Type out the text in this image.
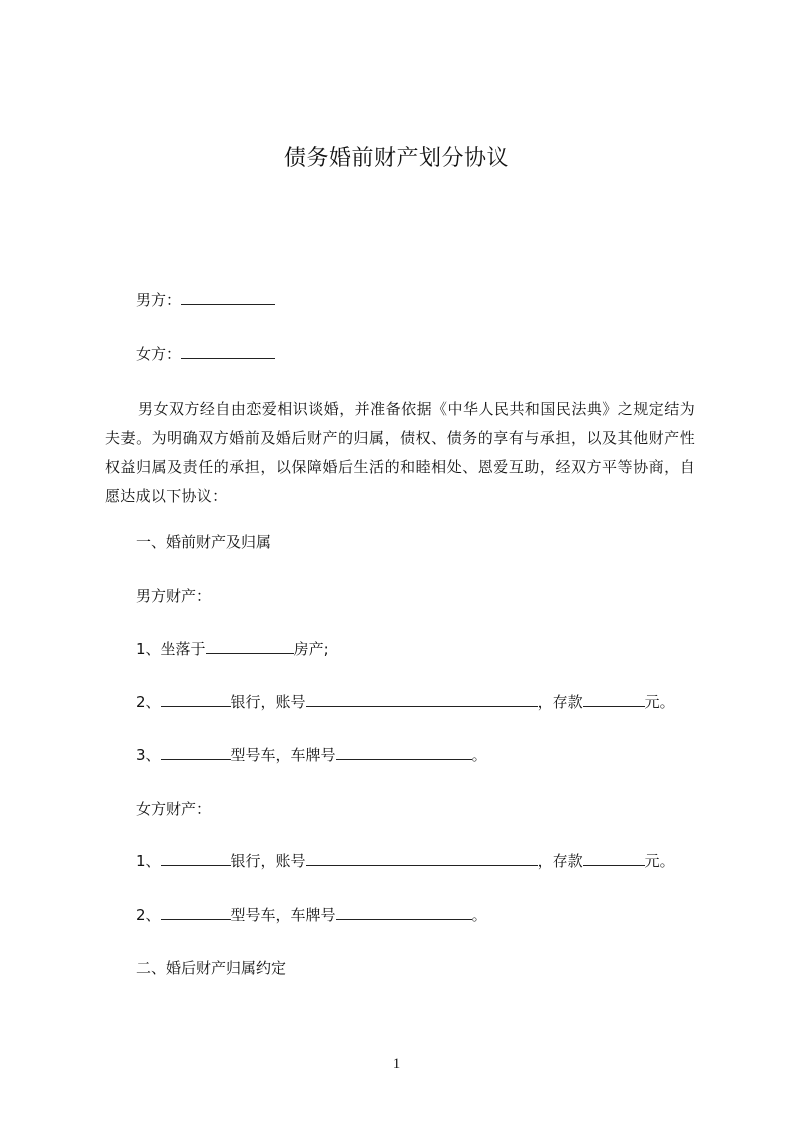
债务婚前财产划分协议
男方：
女方：
男女双方经自由恋爱相识谈婚，并准备依据《中华人民共和国民法典》之规定结为夫妻。为明确双方婚前及婚后财产的归属，债权、债务的享有与承担，以及其他财产性权益归属及责任的承担，以保障婚后生活的和睦相处、恩爱互助，经双方平等协商，自愿达成以下协议：
一、婚前财产及归属
男方财产：
1、坐落于	房产;
2、	银行，账号	，存款	元。
3、	型号车，车牌号	。
女方财产：
1、	银行，账号	，存款	元。
2、	型号车，车牌号	。
二、婚后财产归属约定
1
